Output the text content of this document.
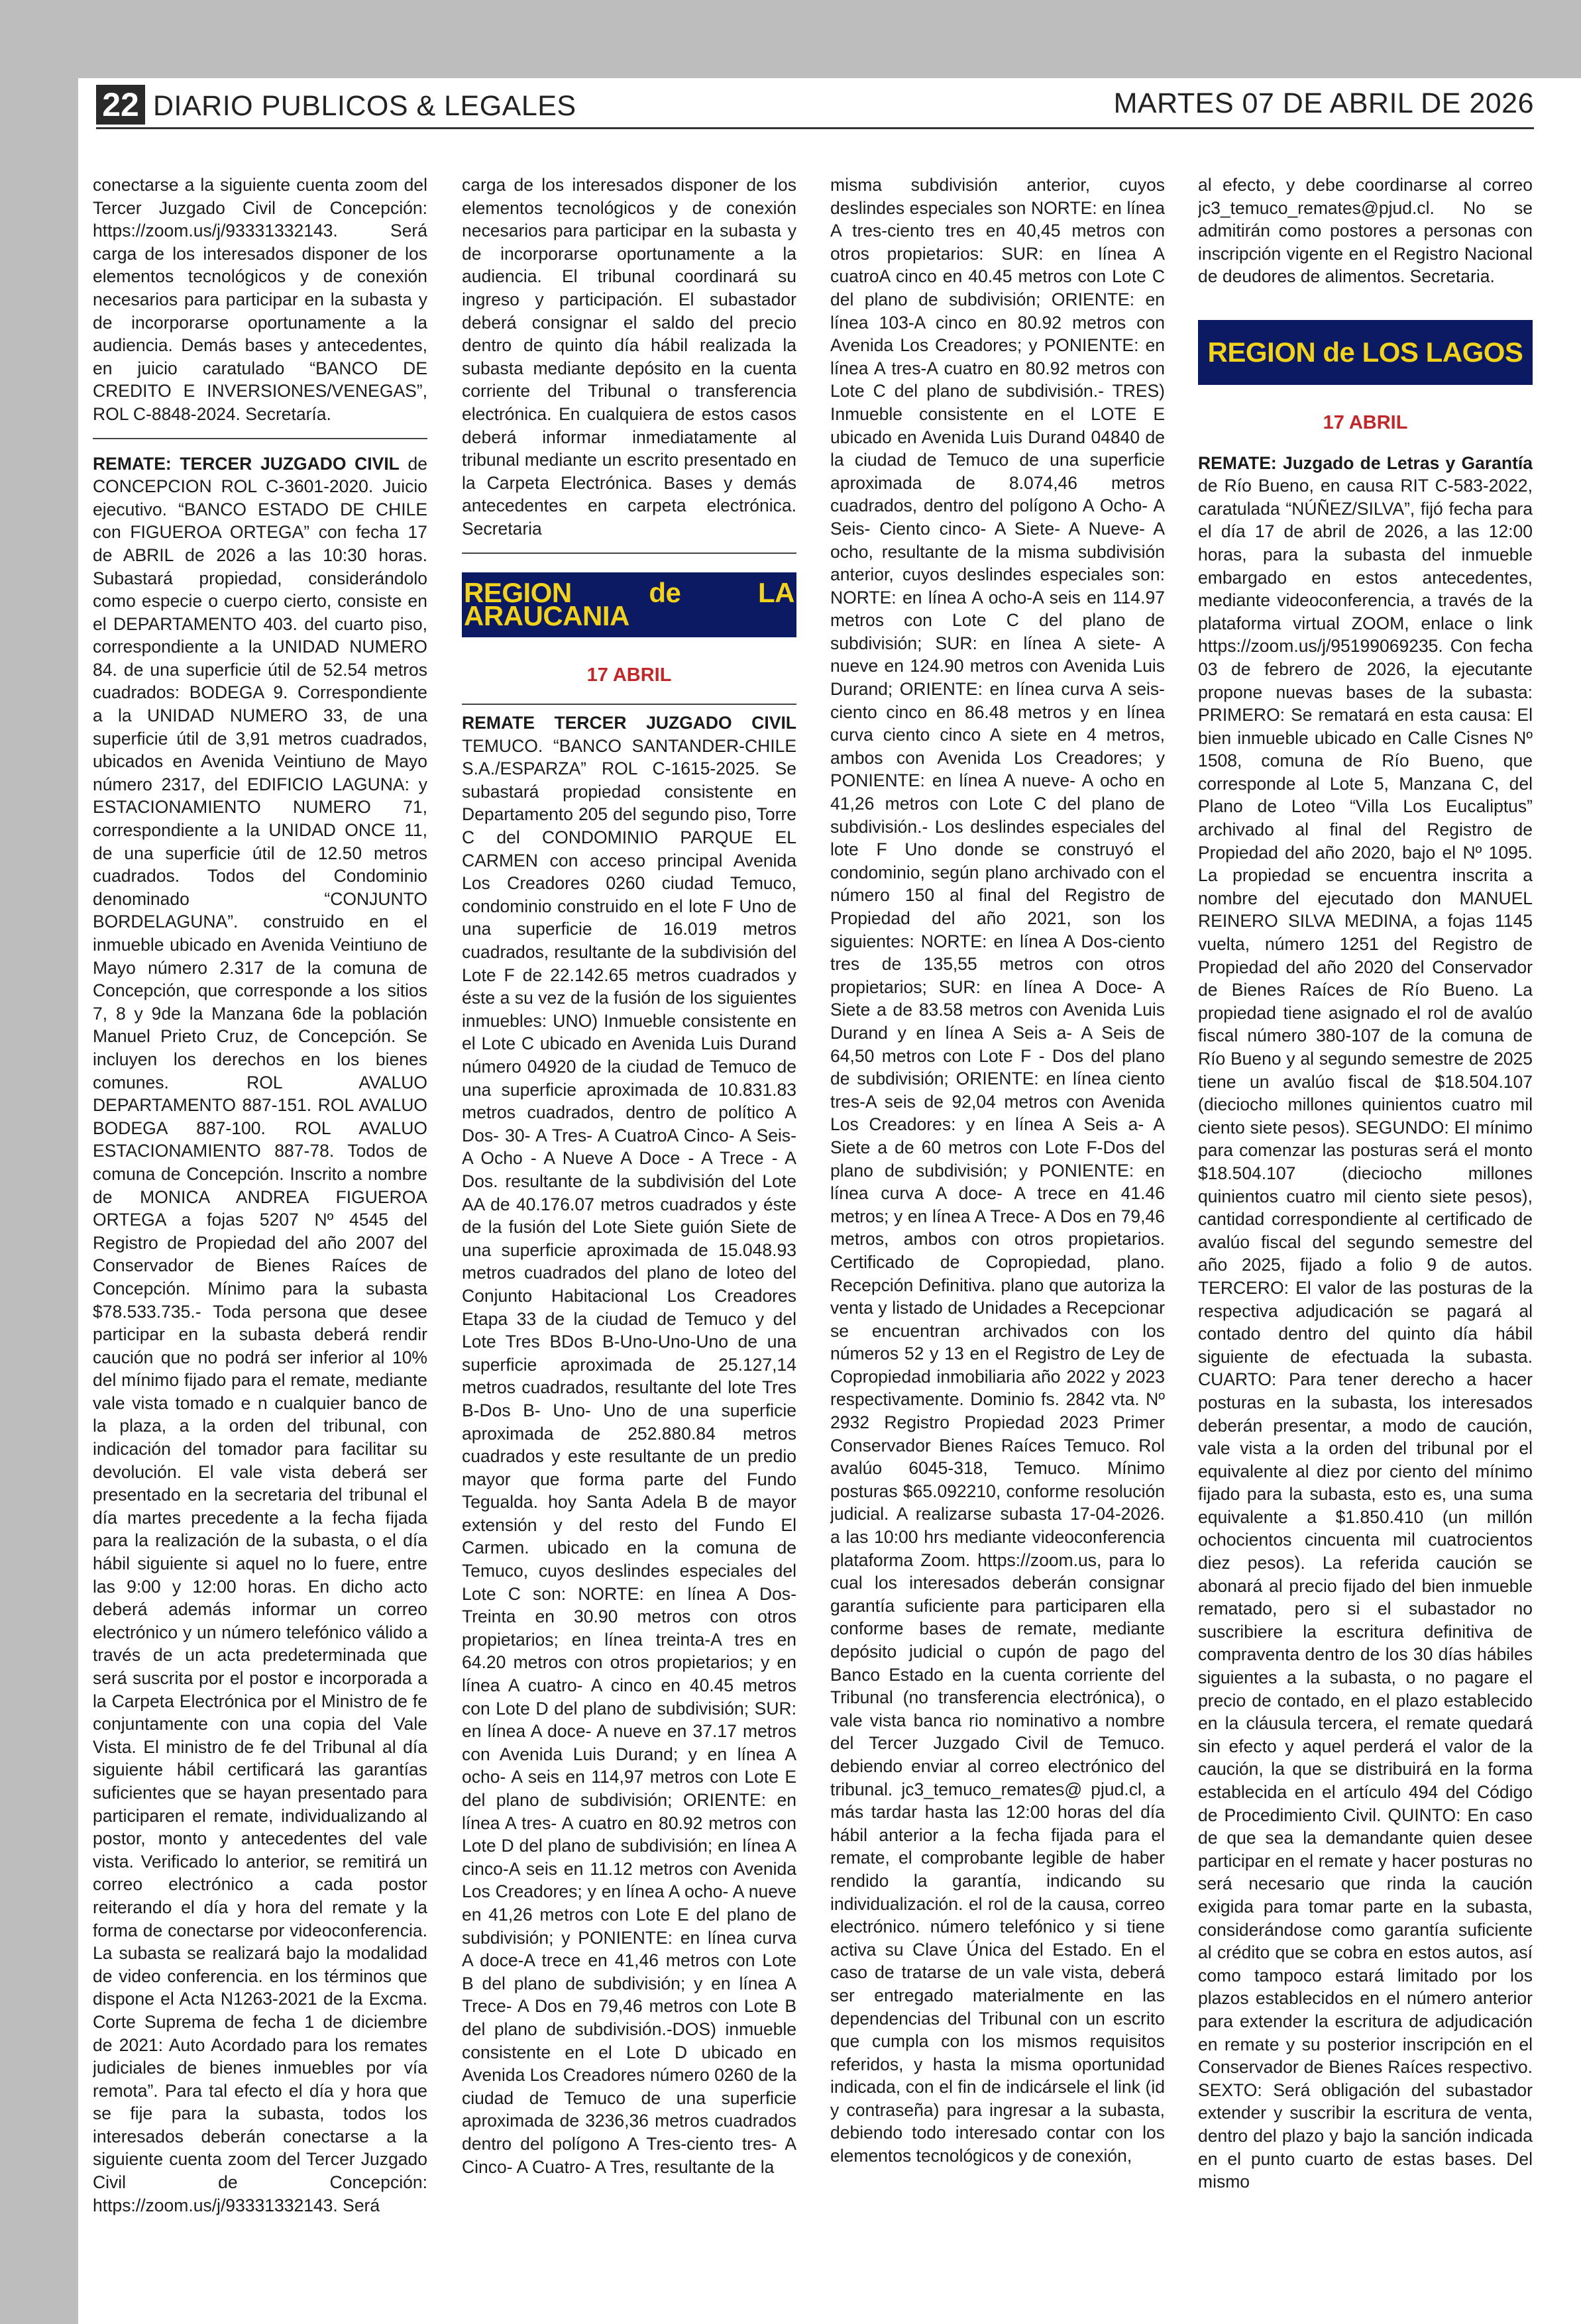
22 DIARIO PUBLICOS & LEGALES	MARTES 07 DE ABRIL DE 2026

conectarse a la siguiente cuenta zoom del Tercer Juzgado Civil de Concepción: https://zoom.us/j/93331332143. Será carga de los interesados disponer de los elementos tecnológicos y de conexión necesarios para participar en la subasta y de incorporarse oportunamente a la audiencia. Demás bases y antecedentes, en juicio caratulado “BANCO DE CREDITO E INVERSIONES/VENEGAS”, ROL C-8848-2024. Secretaría.

REMATE: TERCER JUZGADO CIVIL de CONCEPCION ROL C-3601-2020. Juicio ejecutivo. “BANCO ESTADO DE CHILE con FIGUEROA ORTEGA” con fecha 17 de ABRIL de 2026 a las 10:30 horas. Subastará propiedad, considerándolo como especie o cuerpo cierto, consiste en el DEPARTAMENTO 403. del cuarto piso, correspondiente a la UNIDAD NUMERO 84. de una superficie útil de 52.54 metros cuadrados: BODEGA 9. Correspondiente a la UNIDAD NUMERO 33, de una superficie útil de 3,91 metros cuadrados, ubicados en Avenida Veintiuno de Mayo número 2317, del EDIFICIO LAGUNA: y ESTACIONAMIENTO NUMERO 71, correspondiente a la UNIDAD ONCE 11, de una superficie útil de 12.50 metros cuadrados. Todos del Condominio denominado “CONJUNTO BORDELAGUNA”. construido en el inmueble ubicado en Avenida Veintiuno de Mayo número 2.317 de la comuna de Concepción, que corresponde a los sitios 7, 8 y 9de la Manzana 6de la población Manuel Prieto Cruz, de Concepción. Se incluyen los derechos en los bienes comunes. ROL AVALUO DEPARTAMENTO 887-151. ROL AVALUO BODEGA 887-100. ROL AVALUO ESTACIONAMIENTO 887-78. Todos de comuna de Concepción. Inscrito a nombre de MONICA ANDREA FIGUEROA ORTEGA a fojas 5207 Nº 4545 del Registro de Propiedad del año 2007 del Conservador de Bienes Raíces de Concepción. Mínimo para la subasta $78.533.735.- Toda persona que desee participar en la subasta deberá rendir caución que no podrá ser inferior al 10% del mínimo fijado para el remate, mediante vale vista tomado e n cualquier banco de la plaza, a la orden del tribunal, con indicación del tomador para facilitar su devolución. El vale vista deberá ser presentado en la secretaria del tribunal el día martes precedente a la fecha fijada para la realización de la subasta, o el día hábil siguiente si aquel no lo fuere, entre las 9:00 y 12:00 horas. En dicho acto deberá además informar un correo electrónico y un número telefónico válido a través de un acta predeterminada que será suscrita por el postor e incorporada a la Carpeta Electrónica por el Ministro de fe conjuntamente con una copia del Vale Vista. El ministro de fe del Tribunal al día siguiente hábil certificará las garantías suficientes que se hayan presentado para participaren el remate, individualizando al postor, monto y antecedentes del vale vista. Verificado lo anterior, se remitirá un correo electrónico a cada postor reiterando el día y hora del remate y la forma de conectarse por videoconferencia. La subasta se realizará bajo la modalidad de video conferencia. en los términos que dispone el Acta N1263-2021 de la Excma. Corte Suprema de fecha 1 de diciembre de 2021: Auto Acordado para los remates judiciales de bienes inmuebles por vía remota”. Para tal efecto el día y hora que se fije para la subasta, todos los interesados deberán conectarse a la siguiente cuenta zoom del Tercer Juzgado Civil de Concepción: https://zoom.us/j/93331332143. Será

carga de los interesados disponer de los elementos tecnológicos y de conexión necesarios para participar en la subasta y de incorporarse oportunamente a la audiencia. El tribunal coordinará su ingreso y participación. El subastador deberá consignar el saldo del precio dentro de quinto día hábil realizada la subasta mediante depósito en la cuenta corriente del Tribunal o transferencia electrónica. En cualquiera de estos casos deberá informar inmediatamente al tribunal mediante un escrito presentado en la Carpeta Electrónica. Bases y demás antecedentes en carpeta electrónica. Secretaria

REGION de LA ARAUCANIA
17 ABRIL

REMATE TERCER JUZGADO CIVIL TEMUCO. “BANCO SANTANDER-CHILE S.A./ESPARZA” ROL C-1615-2025. Se subastará propiedad consistente en Departamento 205 del segundo piso, Torre C del CONDOMINIO PARQUE EL CARMEN con acceso principal Avenida Los Creadores 0260 ciudad Temuco, condominio construido en el lote F Uno de una superficie de 16.019 metros cuadrados, resultante de la subdivisión del Lote F de 22.142.65 metros cuadrados y éste a su vez de la fusión de los siguientes inmuebles: UNO) Inmueble consistente en el Lote C ubicado en Avenida Luis Durand número 04920 de la ciudad de Temuco de una superficie aproximada de 10.831.83 metros cuadrados, dentro de político A Dos- 30- A Tres- A CuatroA Cinco- A Seis- A Ocho - A Nueve A Doce - A Trece - A Dos. resultante de la subdivisión del Lote AA de 40.176.07 metros cuadrados y éste de la fusión del Lote Siete guión Siete de una superficie aproximada de 15.048.93 metros cuadrados del plano de loteo del Conjunto Habitacional Los Creadores Etapa 33 de la ciudad de Temuco y del Lote Tres BDos B-Uno-Uno-Uno de una superficie aproximada de 25.127,14 metros cuadrados, resultante del lote Tres B-Dos B- Uno- Uno de una superficie aproximada de 252.880.84 metros cuadrados y este resultante de un predio mayor que forma parte del Fundo Tegualda. hoy Santa Adela B de mayor extensión y del resto del Fundo El Carmen. ubicado en la comuna de Temuco, cuyos deslindes especiales del Lote C son: NORTE: en línea A Dos-Treinta en 30.90 metros con otros propietarios; en línea treinta-A tres en 64.20 metros con otros propietarios; y en línea A cuatro- A cinco en 40.45 metros con Lote D del plano de subdivisión; SUR: en línea A doce- A nueve en 37.17 metros con Avenida Luis Durand; y en línea A ocho- A seis en 114,97 metros con Lote E del plano de subdivisión; ORIENTE: en línea A tres- A cuatro en 80.92 metros con Lote D del plano de subdivisión; en línea A cinco-A seis en 11.12 metros con Avenida Los Creadores; y en línea A ocho- A nueve en 41,26 metros con Lote E del plano de subdivisión; y PONIENTE: en línea curva A doce-A trece en 41,46 metros con Lote B del plano de subdivisión; y en línea A Trece- A Dos en 79,46 metros con Lote B del plano de subdivisión.-DOS) inmueble consistente en el Lote D ubicado en Avenida Los Creadores número 0260 de la ciudad de Temuco de una superficie aproximada de 3236,36 metros cuadrados dentro del polígono A Tres-ciento tres- A Cinco- A Cuatro- A Tres, resultante de la

misma subdivisión anterior, cuyos deslindes especiales son NORTE: en línea A tres-ciento tres en 40,45 metros con otros propietarios: SUR: en línea A cuatroA cinco en 40.45 metros con Lote C del plano de subdivisión; ORIENTE: en línea 103-A cinco en 80.92 metros con Avenida Los Creadores; y PONIENTE: en línea A tres-A cuatro en 80.92 metros con Lote C del plano de subdivisión.- TRES) Inmueble consistente en el LOTE E ubicado en Avenida Luis Durand 04840 de la ciudad de Temuco de una superficie aproximada de 8.074,46 metros cuadrados, dentro del polígono A Ocho- A Seis- Ciento cinco- A Siete- A Nueve- A ocho, resultante de la misma subdivisión anterior, cuyos deslindes especiales son: NORTE: en línea A ocho-A seis en 114.97 metros con Lote C del plano de subdivisión; SUR: en línea A siete- A nueve en 124.90 metros con Avenida Luis Durand; ORIENTE: en línea curva A seis-ciento cinco en 86.48 metros y en línea curva ciento cinco A siete en 4 metros, ambos con Avenida Los Creadores; y PONIENTE: en línea A nueve- A ocho en 41,26 metros con Lote C del plano de subdivisión.- Los deslindes especiales del lote F Uno donde se construyó el condominio, según plano archivado con el número 150 al final del Registro de Propiedad del año 2021, son los siguientes: NORTE: en línea A Dos-ciento tres de 135,55 metros con otros propietarios; SUR: en línea A Doce- A Siete a de 83.58 metros con Avenida Luis Durand y en línea A Seis a- A Seis de 64,50 metros con Lote F - Dos del plano de subdivisión; ORIENTE: en línea ciento tres-A seis de 92,04 metros con Avenida Los Creadores: y en línea A Seis a- A Siete a de 60 metros con Lote F-Dos del plano de subdivisión; y PONIENTE: en línea curva A doce- A trece en 41.46 metros; y en línea A Trece- A Dos en 79,46 metros, ambos con otros propietarios. Certificado de Copropiedad, plano. Recepción Definitiva. plano que autoriza la venta y listado de Unidades a Recepcionar se encuentran archivados con los números 52 y 13 en el Registro de Ley de Copropiedad inmobiliaria año 2022 y 2023 respectivamente. Dominio fs. 2842 vta. Nº 2932 Registro Propiedad 2023 Primer Conservador Bienes Raíces Temuco. Rol avalúo 6045-318, Temuco. Mínimo posturas $65.092210, conforme resolución judicial. A realizarse subasta 17-04-2026. a las 10:00 hrs mediante videoconferencia plataforma Zoom. https://zoom.us, para lo cual los interesados deberán consignar garantía suficiente para participaren ella conforme bases de remate, mediante depósito judicial o cupón de pago del Banco Estado en la cuenta corriente del Tribunal (no transferencia electrónica), o vale vista banca rio nominativo a nombre del Tercer Juzgado Civil de Temuco. debiendo enviar al correo electrónico del tribunal. jc3_temuco_remates@ pjud.cl, a más tardar hasta las 12:00 horas del día hábil anterior a la fecha fijada para el remate, el comprobante legible de haber rendido la garantía, indicando su individualización. el rol de la causa, correo electrónico. número telefónico y si tiene activa su Clave Única del Estado. En el caso de tratarse de un vale vista, deberá ser entregado materialmente en las dependencias del Tribunal con un escrito que cumpla con los mismos requisitos referidos, y hasta la misma oportunidad indicada, con el fin de indicársele el link (id y contraseña) para ingresar a la subasta, debiendo todo interesado contar con los elementos tecnológicos y de conexión,

al efecto, y debe coordinarse al correo jc3_temuco_remates@pjud.cl. No se admitirán como postores a personas con inscripción vigente en el Registro Nacional de deudores de alimentos. Secretaria.

REGION de LOS LAGOS
17 ABRIL

REMATE: Juzgado de Letras y Garantía de Río Bueno, en causa RIT C-583-2022, caratulada “NÚÑEZ/SILVA”, fijó fecha para el día 17 de abril de 2026, a las 12:00 horas, para la subasta del inmueble embargado en estos antecedentes, mediante videoconferencia, a través de la plataforma virtual ZOOM, enlace o link https://zoom.us/j/95199069235. Con fecha 03 de febrero de 2026, la ejecutante propone nuevas bases de la subasta: PRIMERO: Se rematará en esta causa: El bien inmueble ubicado en Calle Cisnes Nº 1508, comuna de Río Bueno, que corresponde al Lote 5, Manzana C, del Plano de Loteo “Villa Los Eucaliptus” archivado al final del Registro de Propiedad del año 2020, bajo el Nº 1095. La propiedad se encuentra inscrita a nombre del ejecutado don MANUEL REINERO SILVA MEDINA, a fojas 1145 vuelta, número 1251 del Registro de Propiedad del año 2020 del Conservador de Bienes Raíces de Río Bueno. La propiedad tiene asignado el rol de avalúo fiscal número 380-107 de la comuna de Río Bueno y al segundo semestre de 2025 tiene un avalúo fiscal de $18.504.107 (dieciocho millones quinientos cuatro mil ciento siete pesos). SEGUNDO: El mínimo para comenzar las posturas será el monto $18.504.107 (dieciocho millones quinientos cuatro mil ciento siete pesos), cantidad correspondiente al certificado de avalúo fiscal del segundo semestre del año 2025, fijado a folio 9 de autos. TERCERO: El valor de las posturas de la respectiva adjudicación se pagará al contado dentro del quinto día hábil siguiente de efectuada la subasta. CUARTO: Para tener derecho a hacer posturas en la subasta, los interesados deberán presentar, a modo de caución, vale vista a la orden del tribunal por el equivalente al diez por ciento del mínimo fijado para la subasta, esto es, una suma equivalente a $1.850.410 (un millón ochocientos cincuenta mil cuatrocientos diez pesos). La referida caución se abonará al precio fijado del bien inmueble rematado, pero si el subastador no suscribiere la escritura definitiva de compraventa dentro de los 30 días hábiles siguientes a la subasta, o no pagare el precio de contado, en el plazo establecido en la cláusula tercera, el remate quedará sin efecto y aquel perderá el valor de la caución, la que se distribuirá en la forma establecida en el artículo 494 del Código de Procedimiento Civil. QUINTO: En caso de que sea la demandante quien desee participar en el remate y hacer posturas no será necesario que rinda la caución exigida para tomar parte en la subasta, considerándose como garantía suficiente al crédito que se cobra en estos autos, así como tampoco estará limitado por los plazos establecidos en el número anterior para extender la escritura de adjudicación en remate y su posterior inscripción en el Conservador de Bienes Raíces respectivo. SEXTO: Será obligación del subastador extender y suscribir la escritura de venta, dentro del plazo y bajo la sanción indicada en el punto cuarto de estas bases. Del mismo
